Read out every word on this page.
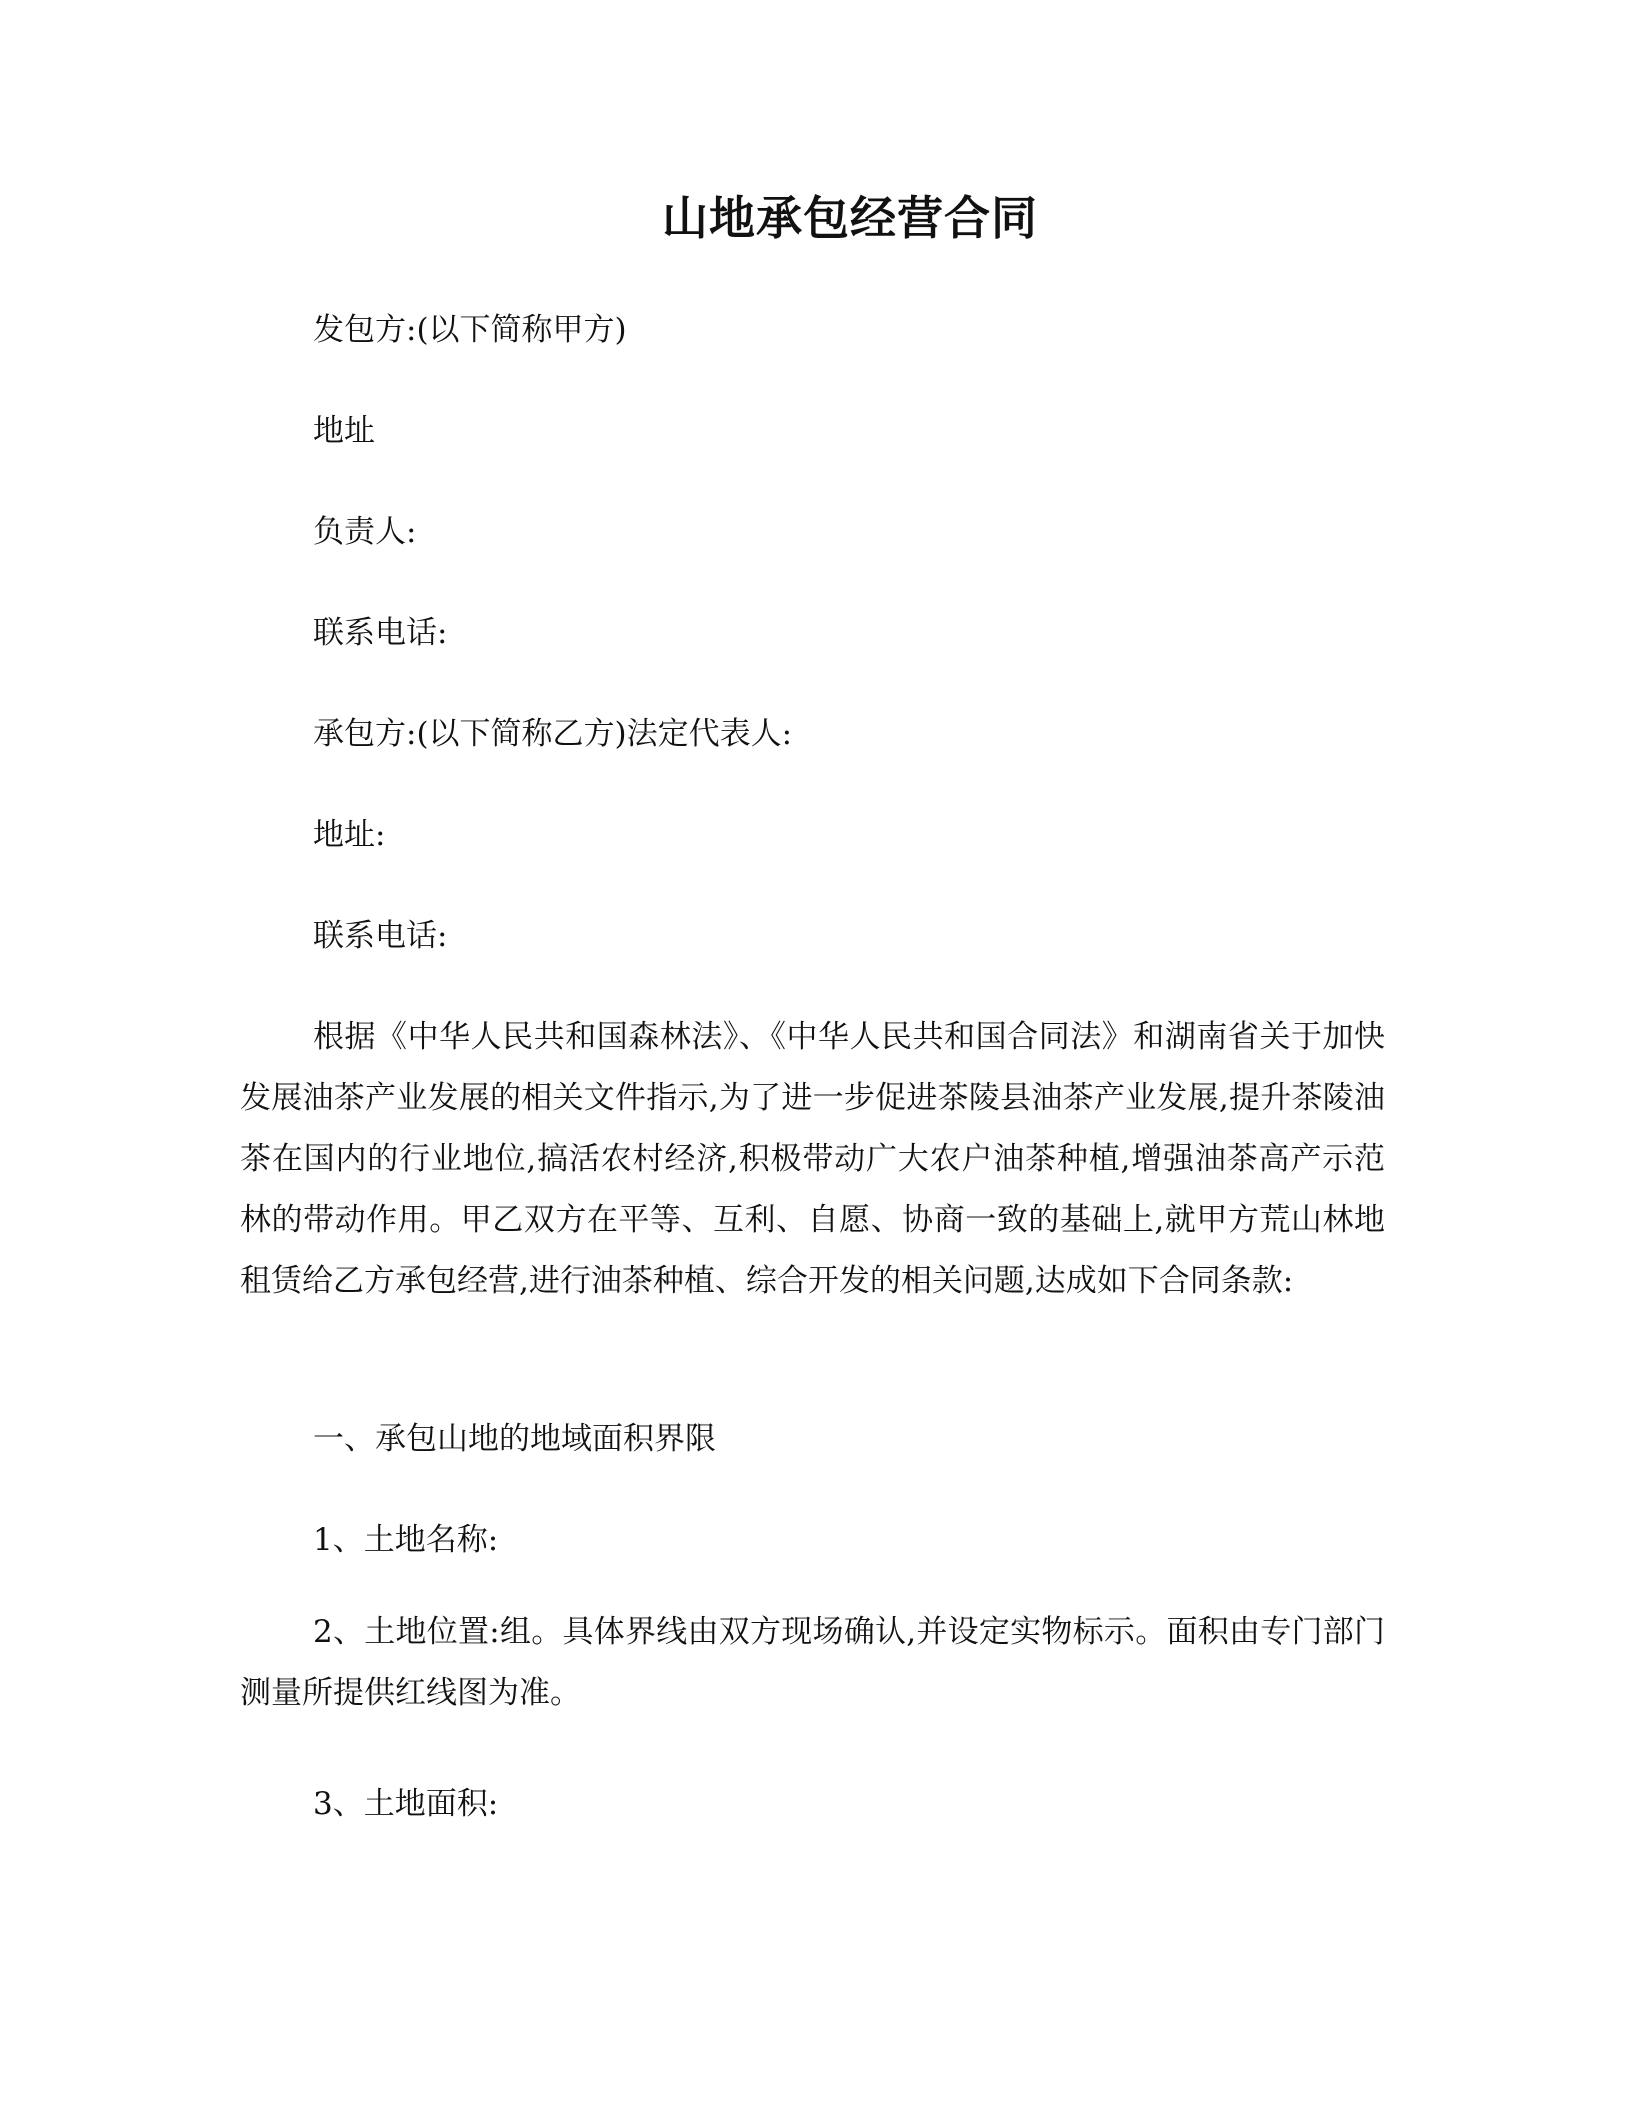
山地承包经营合同
发包方:(以下简称甲方)
地址
负责人:
联系电话:
承包方:(以下简称乙方)法定代表人:
地址:
联系电话:

根据《中华人民共和国森林法》、《中华人民共和国合同法》和湖南省关于加快发展油茶产业发展的相关文件指示,为了进一步促进茶陵县油茶产业发展,提升茶陵油茶在国内的行业地位,搞活农村经济,积极带动广大农户油茶种植,增强油茶高产示范林的带动作用。甲乙双方在平等、互利、自愿、协商一致的基础上,就甲方荒山林地租赁给乙方承包经营,进行油茶种植、综合开发的相关问题,达成如下合同条款:

一、承包山地的地域面积界限
1、土地名称:

2、土地位置:组。具体界线由双方现场确认,并设定实物标示。面积由专门部门测量所提供红线图为准。

3、土地面积:
